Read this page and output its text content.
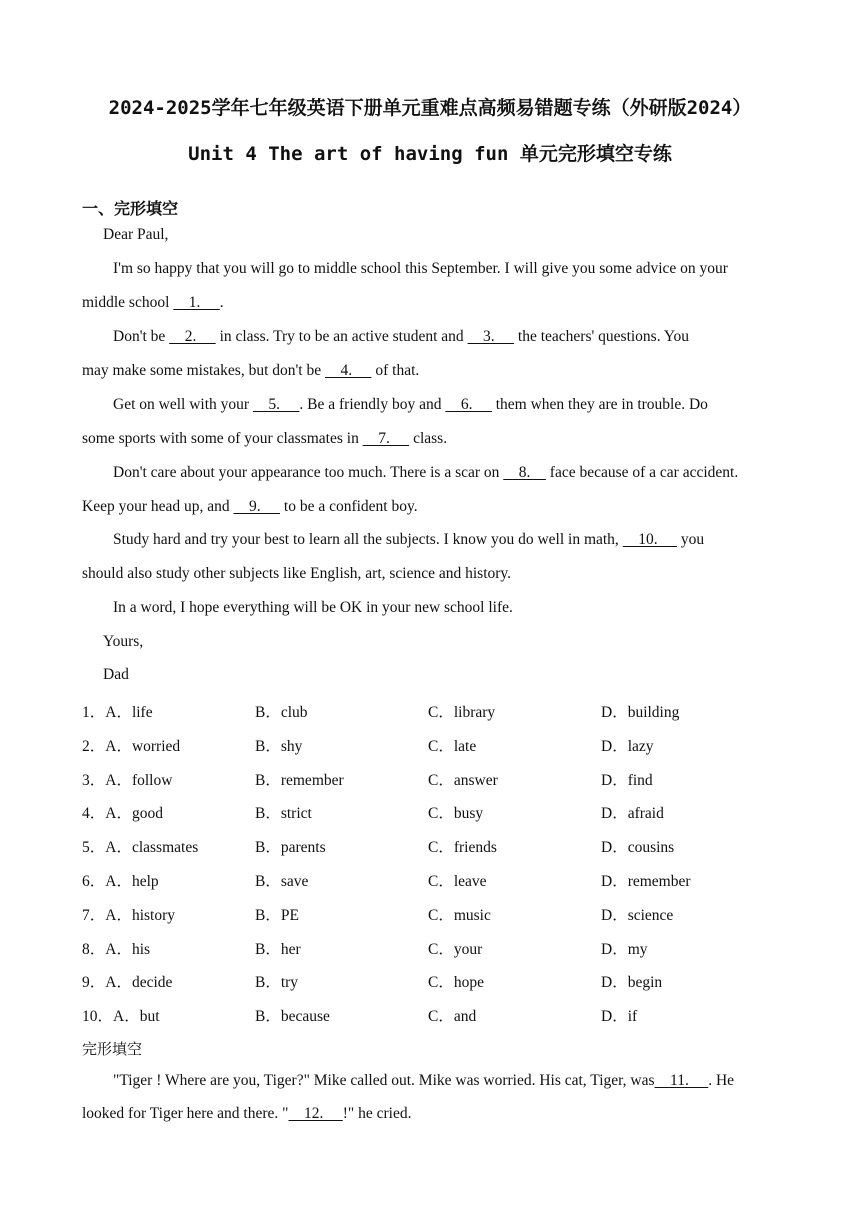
2024-2025学年七年级英语下册单元重难点高频易错题专练（外研版2024）
Unit 4 The art of having fun 单元完形填空专练
一、完形填空
Dear Paul,
I'm so happy that you will go to middle school this September. I will give you some advice on your
middle school     1.     .
Don't be     2.      in class. Try to be an active student and     3.      the teachers' questions. You
may make some mistakes, but don't be     4.      of that.
Get on well with your     5.     . Be a friendly boy and     6.      them when they are in trouble. Do
some sports with some of your classmates in     7.      class.
Don't care about your appearance too much. There is a scar on     8.     face because of a car accident.
Keep your head up, and     9.      to be a confident boy.
Study hard and try your best to learn all the subjects. I know you do well in math,     10.      you
should also study other subjects like English, art, science and history.
In a word, I hope everything will be OK in your new school life.
Yours,
Dad
1．A．life	B．club	C．library	D．building
2．A．worried	B．shy	C．late	D．lazy
3．A．follow	B．remember	C．answer	D．find
4．A．good	B．strict	C．busy	D．afraid
5．A．classmates	B．parents	C．friends	D．cousins
6．A．help	B．save	C．leave	D．remember
7．A．history	B．PE	C．music	D．science
8．A．his	B．her	C．your	D．my
9．A．decide	B．try	C．hope	D．begin
10．A．but	B．because	C．and	D．if
完形填空
"Tiger ! Where are you, Tiger?" Mike called out. Mike was worried. His cat, Tiger, was    11.     . He
looked for Tiger here and there. "    12.     !" he cried.
